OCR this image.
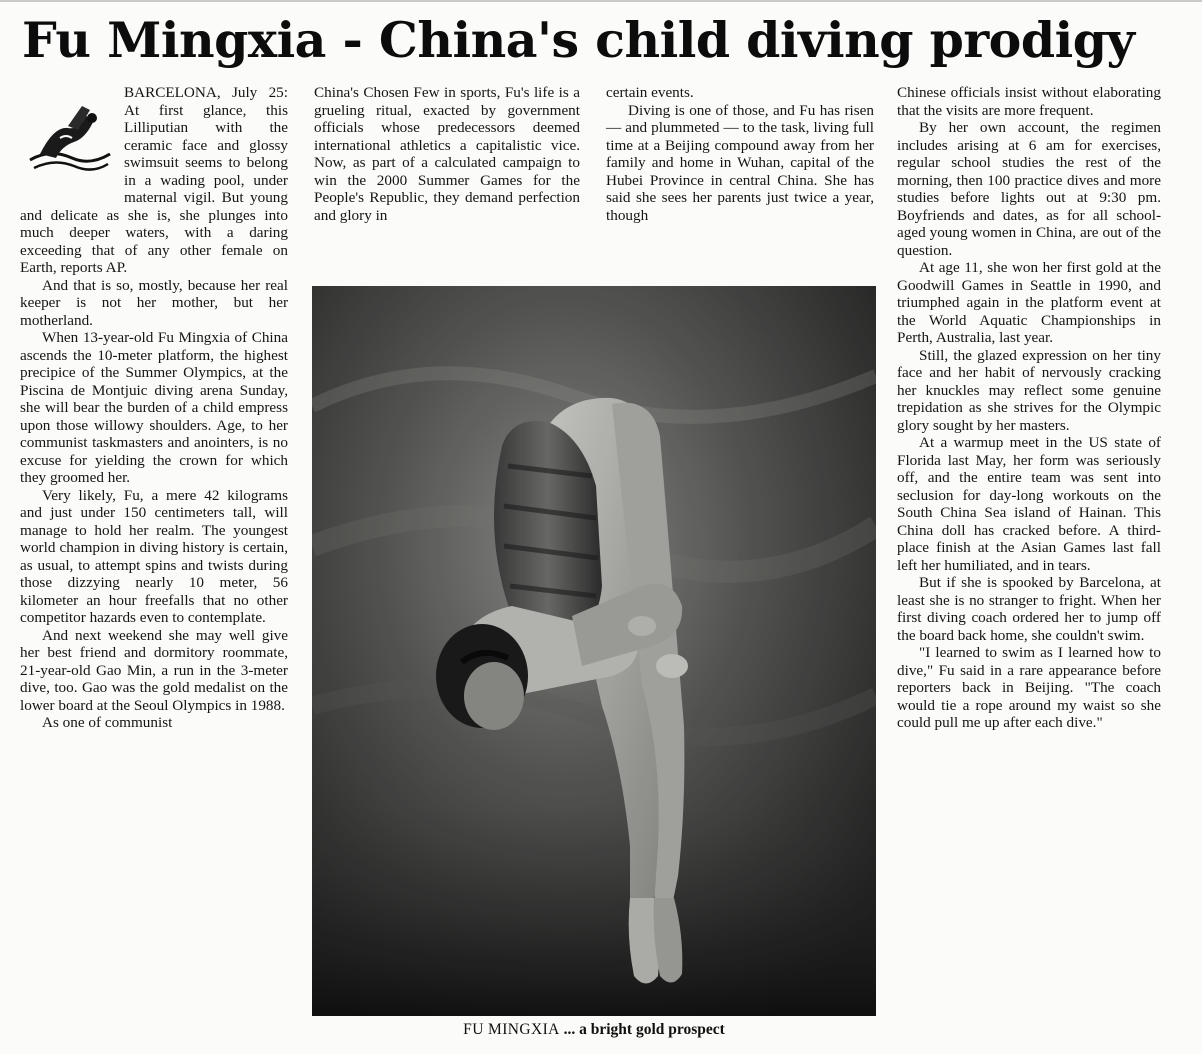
Fu Mingxia - China's child diving prodigy

BARCELONA, July 25: At first glance, this Lilliputian with the ceramic face and glossy swimsuit seems to belong in a wading pool, under maternal vigil. But young and delicate as she is, she plunges into much deeper waters, with a daring exceeding that of any other female on Earth, reports AP.

And that is so, mostly, because her real keeper is not her mother, but her motherland.

When 13-year-old Fu Mingxia of China ascends the 10-meter platform, the highest precipice of the Summer Olympics, at the Piscina de Montjuic diving arena Sunday, she will bear the burden of a child empress upon those willowy shoulders. Age, to her communist taskmasters and anointers, is no excuse for yielding the crown for which they groomed her.

Very likely, Fu, a mere 42 kilograms and just under 150 centimeters tall, will manage to hold her realm. The youngest world champion in diving history is certain, as usual, to attempt spins and twists during those dizzying nearly 10 meter, 56 kilometer an hour freefalls that no other competitor hazards even to contemplate.

And next weekend she may well give her best friend and dormitory roommate, 21-year-old Gao Min, a run in the 3-meter dive, too. Gao was the gold medalist on the lower board at the Seoul Olympics in 1988.

As one of communist

China's Chosen Few in sports, Fu's life is a grueling ritual, exacted by government officials whose predecessors deemed international athletics a capitalistic vice. Now, as part of a calculated campaign to win the 2000 Summer Games for the People's Republic, they demand perfection and glory in

certain events.

Diving is one of those, and Fu has risen — and plummeted — to the task, living full time at a Beijing compound away from her family and home in Wuhan, capital of the Hubei Province in central China. She has said she sees her parents just twice a year, though

FU MINGXIA ... a bright gold prospect

Chinese officials insist without elaborating that the visits are more frequent.

By her own account, the regimen includes arising at 6 am for exercises, regular school studies the rest of the morning, then 100 practice dives and more studies before lights out at 9:30 pm. Boyfriends and dates, as for all school-aged young women in China, are out of the question.

At age 11, she won her first gold at the Goodwill Games in Seattle in 1990, and triumphed again in the platform event at the World Aquatic Championships in Perth, Australia, last year.

Still, the glazed expression on her tiny face and her habit of nervously cracking her knuckles may reflect some genuine trepidation as she strives for the Olympic glory sought by her masters.

At a warmup meet in the US state of Florida last May, her form was seriously off, and the entire team was sent into seclusion for day-long workouts on the South China Sea island of Hainan. This China doll has cracked before. A third-place finish at the Asian Games last fall left her humiliated, and in tears.

But if she is spooked by Barcelona, at least she is no stranger to fright. When her first diving coach ordered her to jump off the board back home, she couldn't swim.

"I learned to swim as I learned how to dive," Fu said in a rare appearance before reporters back in Beijing. "The coach would tie a rope around my waist so she could pull me up after each dive."
